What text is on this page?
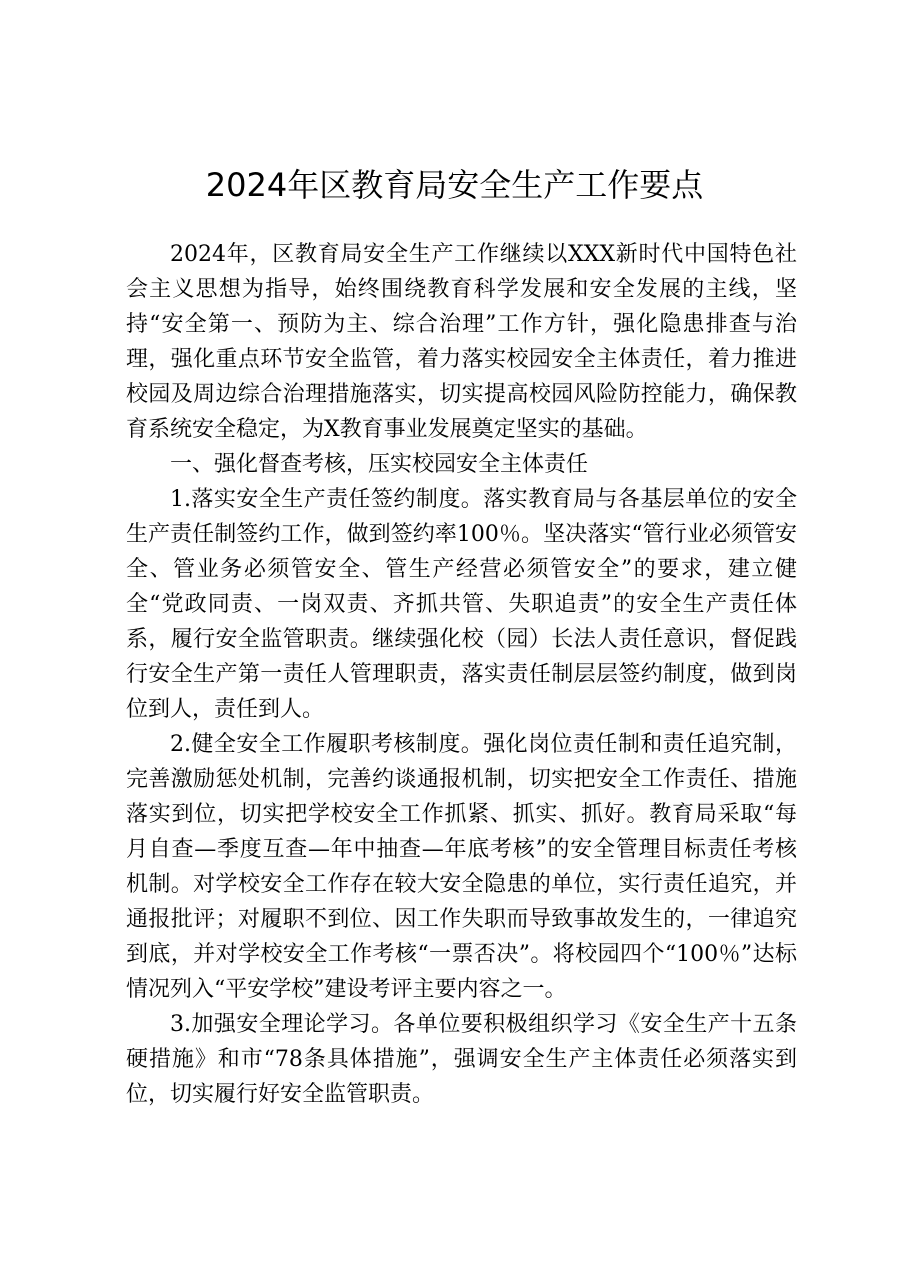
2024年区教育局安全生产工作要点

2024年，区教育局安全生产工作继续以XXX新时代中国特色社会主义思想为指导，始终围绕教育科学发展和安全发展的主线，坚持“安全第一、预防为主、综合治理”工作方针，强化隐患排查与治理，强化重点环节安全监管，着力落实校园安全主体责任，着力推进校园及周边综合治理措施落实，切实提高校园风险防控能力，确保教育系统安全稳定，为X教育事业发展奠定坚实的基础。

一、强化督查考核，压实校园安全主体责任

1.落实安全生产责任签约制度。落实教育局与各基层单位的安全生产责任制签约工作，做到签约率100％。坚决落实“管行业必须管安全、管业务必须管安全、管生产经营必须管安全”的要求，建立健全“党政同责、一岗双责、齐抓共管、失职追责”的安全生产责任体系，履行安全监管职责。继续强化校（园）长法人责任意识，督促践行安全生产第一责任人管理职责，落实责任制层层签约制度，做到岗位到人，责任到人。

2.健全安全工作履职考核制度。强化岗位责任制和责任追究制，完善激励惩处机制，完善约谈通报机制，切实把安全工作责任、措施落实到位，切实把学校安全工作抓紧、抓实、抓好。教育局采取“每月自查—季度互查—年中抽查—年底考核”的安全管理目标责任考核机制。对学校安全工作存在较大安全隐患的单位，实行责任追究，并通报批评；对履职不到位、因工作失职而导致事故发生的，一律追究到底，并对学校安全工作考核“一票否决”。将校园四个“100％”达标情况列入“平安学校”建设考评主要内容之一。

3.加强安全理论学习。各单位要积极组织学习《安全生产十五条硬措施》和市“78条具体措施”，强调安全生产主体责任必须落实到位，切实履行好安全监管职责。
